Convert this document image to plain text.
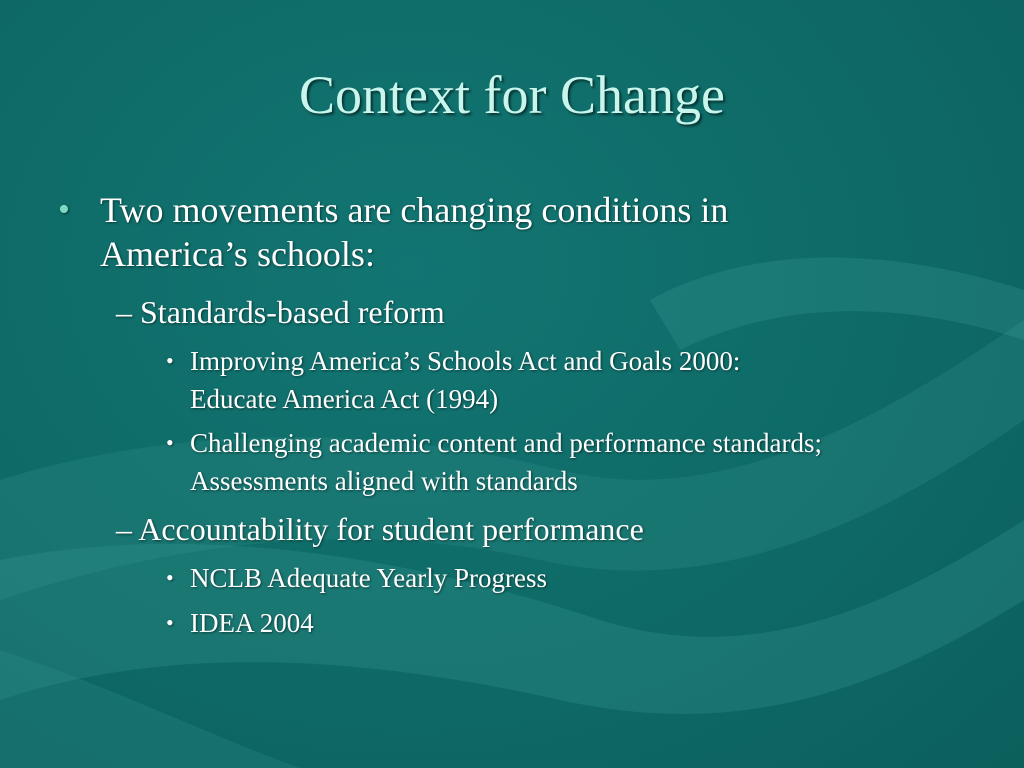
Context for Change
• Two movements are changing conditions in
America’s schools:
– Standards-based reform
• Improving America’s Schools Act and Goals 2000:
Educate America Act (1994)
• Challenging academic content and performance standards;
Assessments aligned with standards
– Accountability for student performance
• NCLB Adequate Yearly Progress
• IDEA 2004
